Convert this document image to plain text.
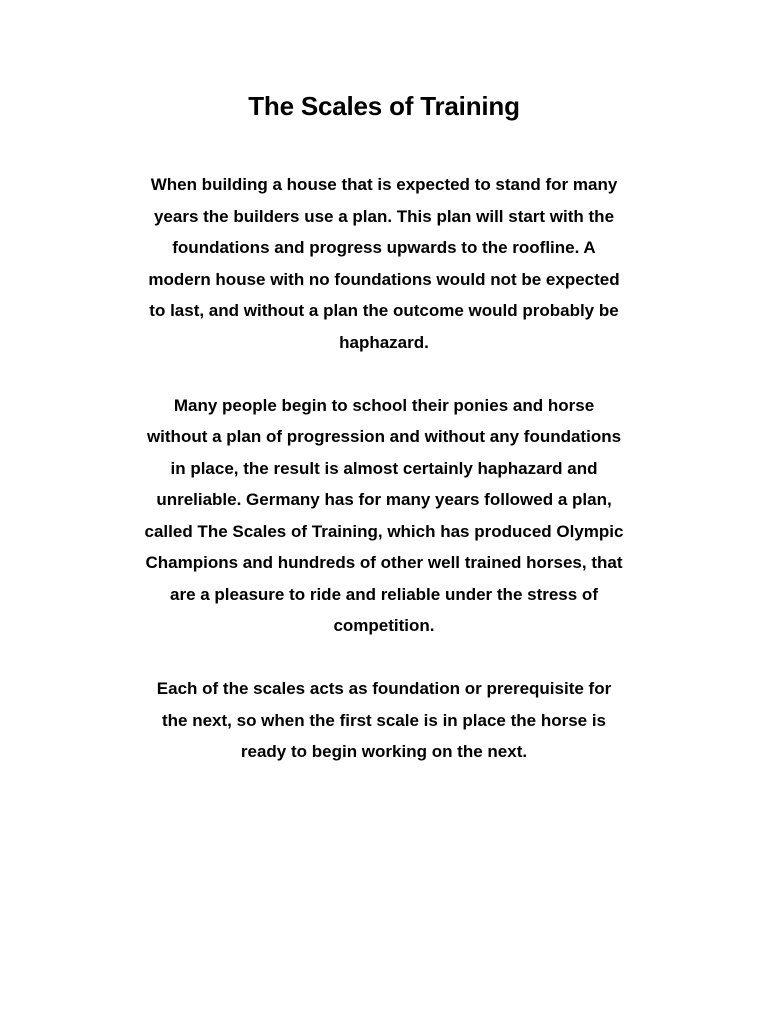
The Scales of Training

When building a house that is expected to stand for many
years the builders use a plan. This plan will start with the
foundations and progress upwards to the roofline. A
modern house with no foundations would not be expected
to last, and without a plan the outcome would probably be
haphazard.

Many people begin to school their ponies and horse
without a plan of progression and without any foundations
in place, the result is almost certainly haphazard and
unreliable. Germany has for many years followed a plan,
called The Scales of Training, which has produced Olympic
Champions and hundreds of other well trained horses, that
are a pleasure to ride and reliable under the stress of
competition.

Each of the scales acts as foundation or prerequisite for
the next, so when the first scale is in place the horse is
ready to begin working on the next.
